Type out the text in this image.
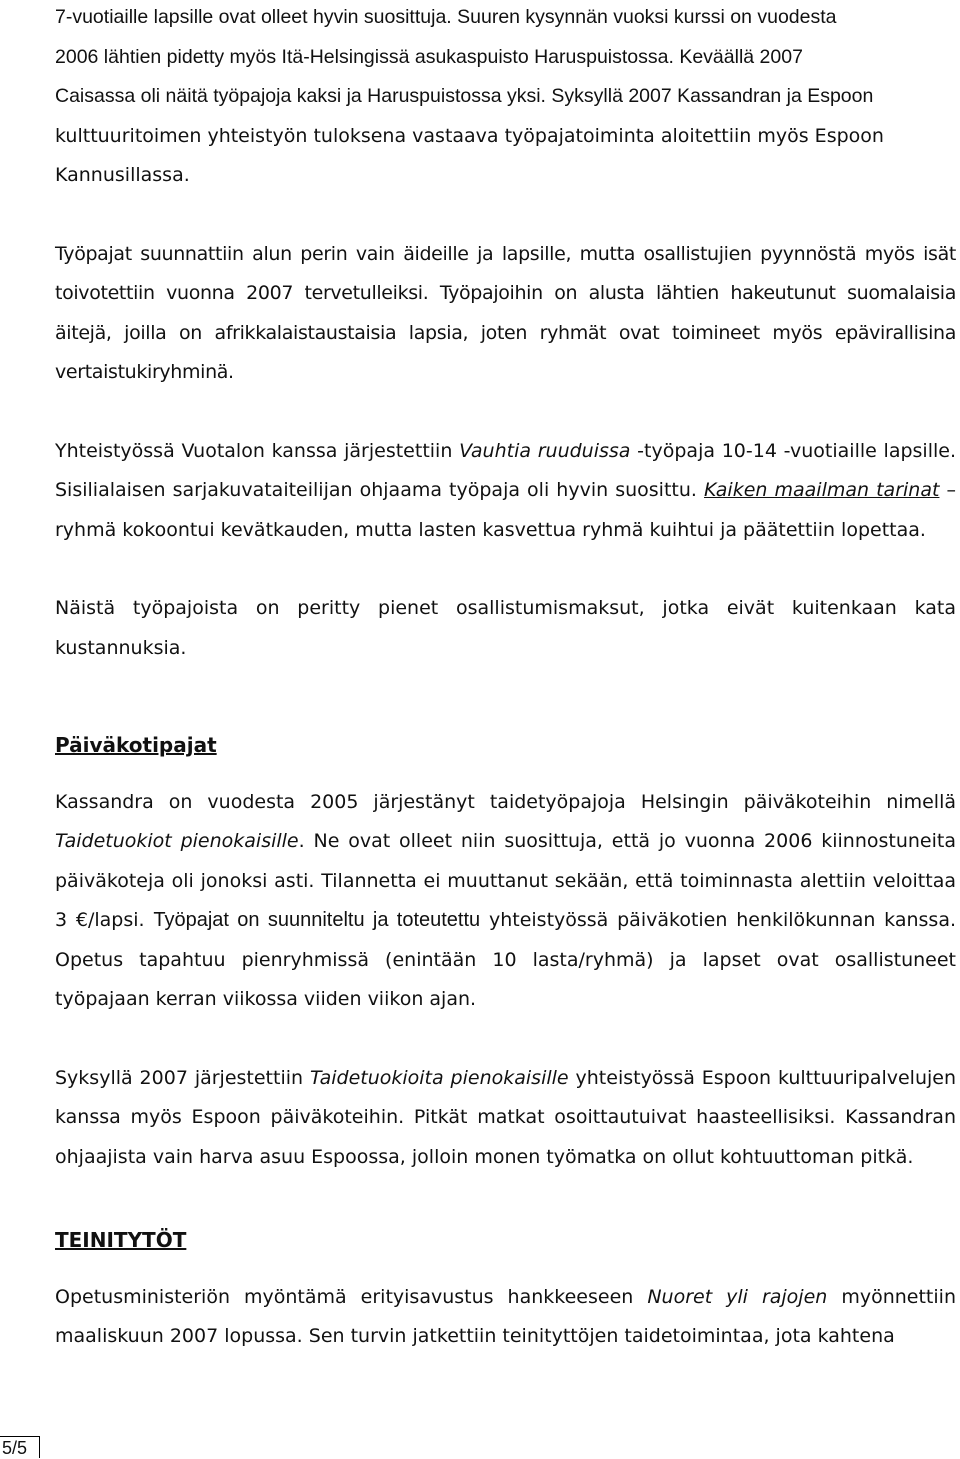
7-vuotiaille lapsille ovat olleet hyvin suosittuja. Suuren kysynnän vuoksi kurssi on vuodesta
2006 lähtien pidetty myös Itä-Helsingissä asukaspuisto Haruspuistossa. Keväällä 2007
Caisassa oli näitä työpajoja kaksi ja Haruspuistossa yksi. Syksyllä 2007 Kassandran ja Espoon
kulttuuritoimen yhteistyön tuloksena vastaava työpajatoiminta aloitettiin myös Espoon
Kannusillassa.

Työpajat suunnattiin alun perin vain äideille ja lapsille, mutta osallistujien pyynnöstä myös isät toivotettiin vuonna 2007 tervetulleiksi. Työpajoihin on alusta lähtien hakeutunut suomalaisia äitejä, joilla on afrikkalaistaustaisia lapsia, joten ryhmät ovat toimineet myös epävirallisina vertaistukiryhminä.

Yhteistyössä Vuotalon kanssa järjestettiin Vauhtia ruuduissa -työpaja 10-14 -vuotiaille lapsille. Sisilialaisen sarjakuvataiteilijan ohjaama työpaja oli hyvin suosittu. Kaiken maailman tarinat –ryhmä kokoontui kevätkauden, mutta lasten kasvettua ryhmä kuihtui ja päätettiin lopettaa.

Näistä työpajoista on peritty pienet osallistumismaksut, jotka eivät kuitenkaan kata kustannuksia.

Päiväkotipajat

Kassandra on vuodesta 2005 järjestänyt taidetyöpajoja Helsingin päiväkoteihin nimellä Taidetuokiot pienokaisille. Ne ovat olleet niin suosittuja, että jo vuonna 2006 kiinnostuneita päiväkoteja oli jonoksi asti. Tilannetta ei muuttanut sekään, että toiminnasta alettiin veloittaa 3 €/lapsi. Työpajat on suunniteltu ja toteutettu yhteistyössä päiväkotien henkilökunnan kanssa. Opetus tapahtuu pienryhmissä (enintään 10 lasta/ryhmä) ja lapset ovat osallistuneet työpajaan kerran viikossa viiden viikon ajan.

Syksyllä 2007 järjestettiin Taidetuokioita pienokaisille yhteistyössä Espoon kulttuuripalvelujen kanssa myös Espoon päiväkoteihin. Pitkät matkat osoittautuivat haasteellisiksi. Kassandran ohjaajista vain harva asuu Espoossa, jolloin monen työmatka on ollut kohtuuttoman pitkä.

TEINITYTÖT

Opetusministeriön myöntämä erityisavustus hankkeeseen Nuoret yli rajojen myönnettiin maaliskuun 2007 lopussa. Sen turvin jatkettiin teinityttöjen taidetoimintaa, jota kahtena

5/5
